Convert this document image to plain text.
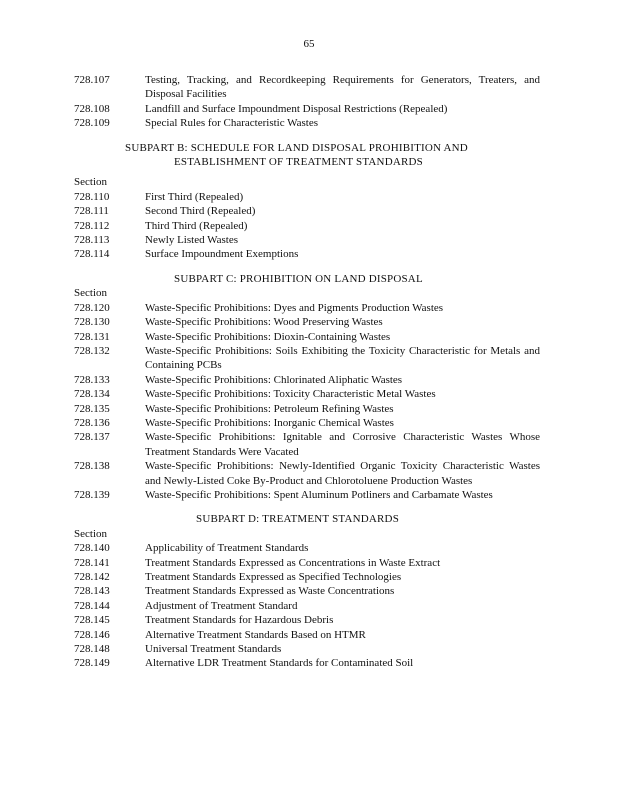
65
728.107	Testing, Tracking, and Recordkeeping Requirements for Generators, Treaters, and Disposal Facilities
728.108	Landfill and Surface Impoundment Disposal Restrictions (Repealed)
728.109	Special Rules for Characteristic Wastes
SUBPART B: SCHEDULE FOR LAND DISPOSAL PROHIBITION AND
ESTABLISHMENT OF TREATMENT STANDARDS
Section
728.110	First Third (Repealed)
728.111	Second Third (Repealed)
728.112	Third Third (Repealed)
728.113	Newly Listed Wastes
728.114	Surface Impoundment Exemptions
SUBPART C: PROHIBITION ON LAND DISPOSAL
Section
728.120	Waste-Specific Prohibitions: Dyes and Pigments Production Wastes
728.130	Waste-Specific Prohibitions: Wood Preserving Wastes
728.131	Waste-Specific Prohibitions: Dioxin-Containing Wastes
728.132	Waste-Specific Prohibitions: Soils Exhibiting the Toxicity Characteristic for Metals and Containing PCBs
728.133	Waste-Specific Prohibitions: Chlorinated Aliphatic Wastes
728.134	Waste-Specific Prohibitions: Toxicity Characteristic Metal Wastes
728.135	Waste-Specific Prohibitions: Petroleum Refining Wastes
728.136	Waste-Specific Prohibitions: Inorganic Chemical Wastes
728.137	Waste-Specific Prohibitions: Ignitable and Corrosive Characteristic Wastes Whose Treatment Standards Were Vacated
728.138	Waste-Specific Prohibitions: Newly-Identified Organic Toxicity Characteristic Wastes and Newly-Listed Coke By-Product and Chlorotoluene Production Wastes
728.139	Waste-Specific Prohibitions: Spent Aluminum Potliners and Carbamate Wastes
SUBPART D: TREATMENT STANDARDS
Section
728.140	Applicability of Treatment Standards
728.141	Treatment Standards Expressed as Concentrations in Waste Extract
728.142	Treatment Standards Expressed as Specified Technologies
728.143	Treatment Standards Expressed as Waste Concentrations
728.144	Adjustment of Treatment Standard
728.145	Treatment Standards for Hazardous Debris
728.146	Alternative Treatment Standards Based on HTMR
728.148	Universal Treatment Standards
728.149	Alternative LDR Treatment Standards for Contaminated Soil
